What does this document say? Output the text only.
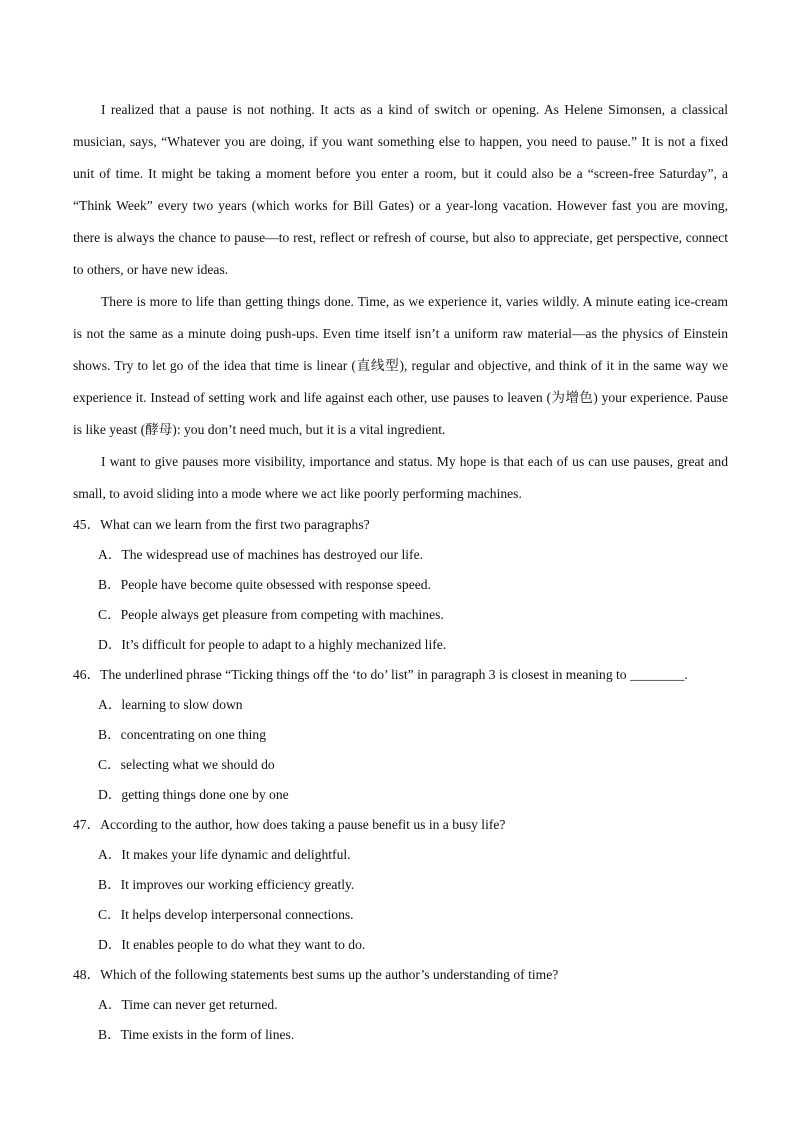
I realized that a pause is not nothing. It acts as a kind of switch or opening. As Helene Simonsen, a classical musician, says, “Whatever you are doing, if you want something else to happen, you need to pause.” It is not a fixed unit of time. It might be taking a moment before you enter a room, but it could also be a “screen-free Saturday”, a “Think Week” every two years (which works for Bill Gates) or a year-long vacation. However fast you are moving, there is always the chance to pause—to rest, reflect or refresh of course, but also to appreciate, get perspective, connect to others, or have new ideas.

There is more to life than getting things done. Time, as we experience it, varies wildly. A minute eating ice-cream is not the same as a minute doing push-ups. Even time itself isn’t a uniform raw material—as the physics of Einstein shows. Try to let go of the idea that time is linear (直线型), regular and objective, and think of it in the same way we experience it. Instead of setting work and life against each other, use pauses to leaven (为增色) your experience. Pause is like yeast (酵母): you don’t need much, but it is a vital ingredient.

I want to give pauses more visibility, importance and status. My hope is that each of us can use pauses, great and small, to avoid sliding into a mode where we act like poorly performing machines.

45．What can we learn from the first two paragraphs?

A．The widespread use of machines has destroyed our life.

B．People have become quite obsessed with response speed.

C．People always get pleasure from competing with machines.

D．It’s difficult for people to adapt to a highly mechanized life.

46．The underlined phrase “Ticking things off the ‘to do’ list” in paragraph 3 is closest in meaning to ________.

A．learning to slow down

B．concentrating on one thing

C．selecting what we should do

D．getting things done one by one

47．According to the author, how does taking a pause benefit us in a busy life?

A．It makes your life dynamic and delightful.

B．It improves our working efficiency greatly.

C．It helps develop interpersonal connections.

D．It enables people to do what they want to do.

48．Which of the following statements best sums up the author’s understanding of time?

A．Time can never get returned.

B．Time exists in the form of lines.
